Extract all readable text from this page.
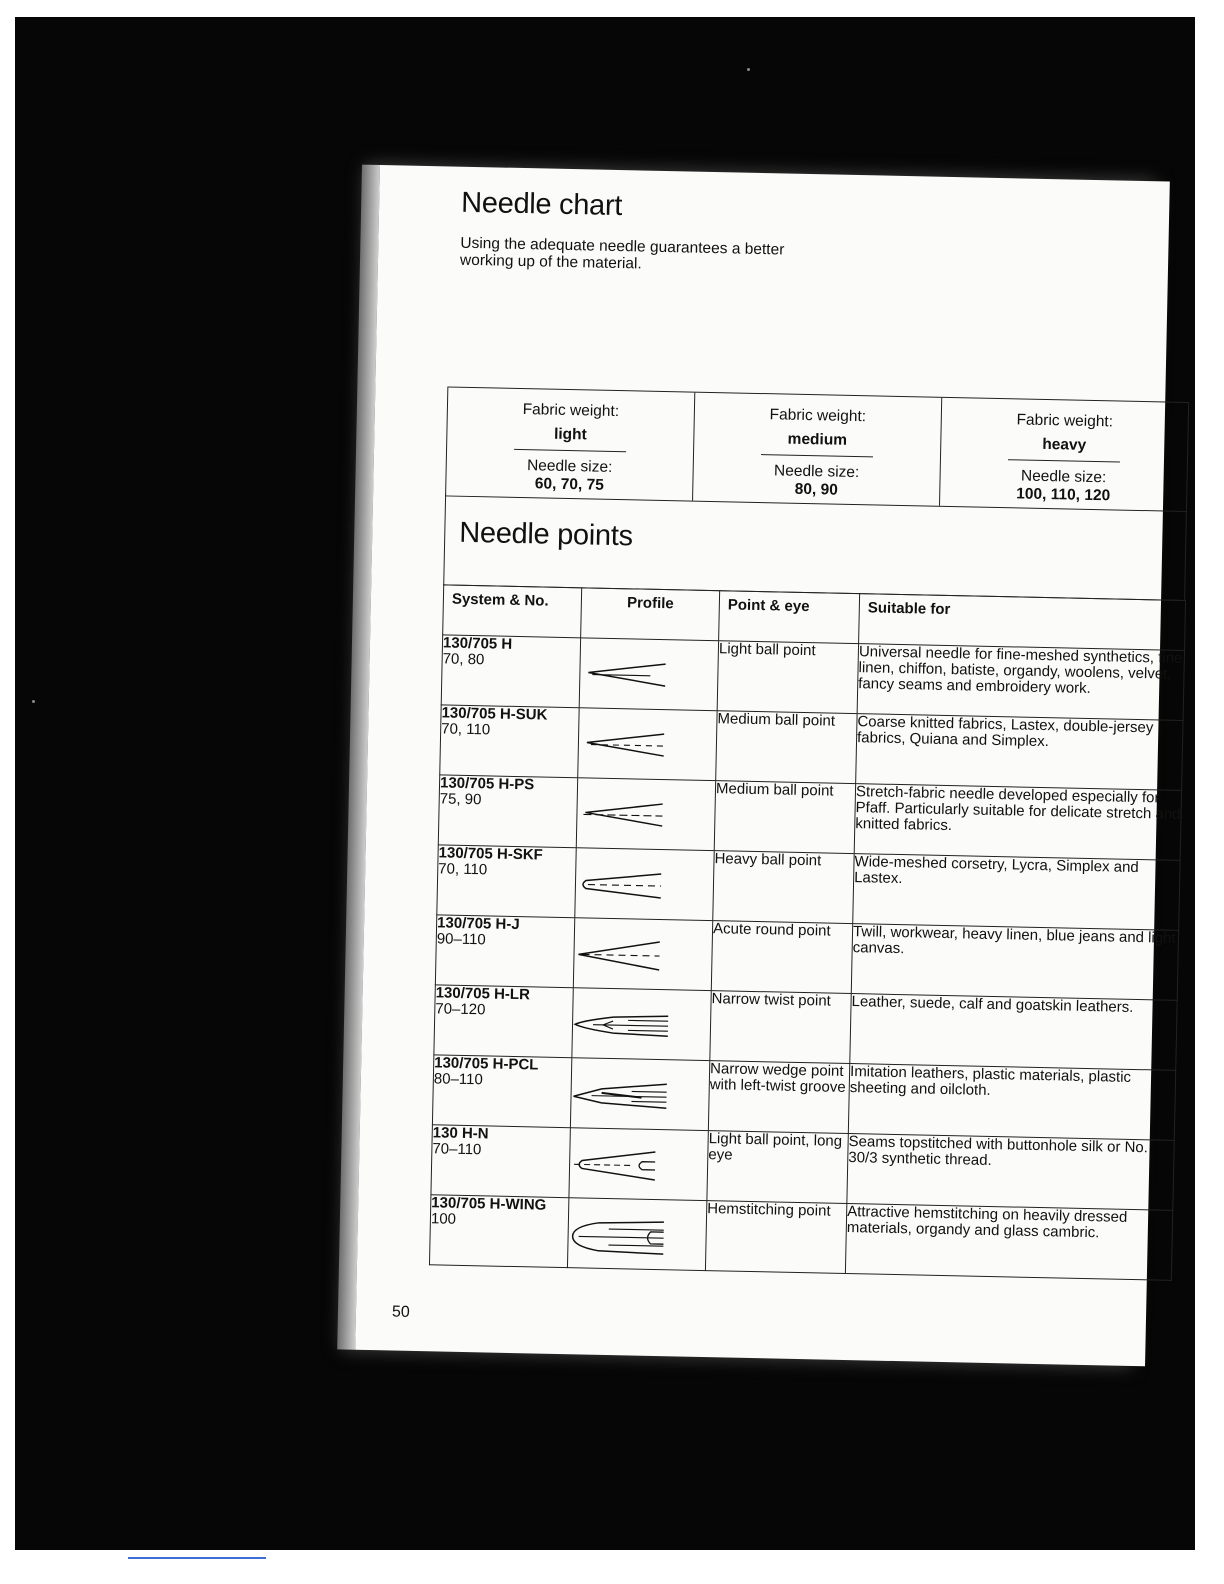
Needle chart
Using the adequate needle guarantees a better working up of the material.
Fabric weight:
light
Needle size:
60, 70, 75
Fabric weight:
medium
Needle size:
80, 90
Fabric weight:
heavy
Needle size:
100, 110, 120
Needle points
System & No.	Profile	Point & eye	Suitable for

130/705 H
70, 80		Light ball point	Universal needle for fine-meshed synthetics, fine linen, chiffon, batiste, organdy, woolens, velvet, fancy seams and embroidery work.

130/705 H-SUK
70, 110		Medium ball point	Coarse knitted fabrics, Lastex, double-jersey fabrics, Quiana and Simplex.

130/705 H-PS
75, 90		Medium ball point	Stretch-fabric needle developed especially for Pfaff. Particularly suitable for delicate stretch and knitted fabrics.

130/705 H-SKF
70, 110		Heavy ball point	Wide-meshed corsetry, Lycra, Simplex and Lastex.

130/705 H-J
90–110		Acute round point	Twill, workwear, heavy linen, blue jeans and light canvas.

130/705 H-LR
70–120		Narrow twist point	Leather, suede, calf and goatskin leathers.

130/705 H-PCL
80–110		Narrow wedge point with left-twist groove	Imitation leathers, plastic materials, plastic sheeting and oilcloth.

130 H-N
70–110		Light ball point, long eye	Seams topstitched with buttonhole silk or No. 30/3 synthetic thread.

130/705 H-WING
100		Hemstitching point	Attractive hemstitching on heavily dressed materials, organdy and glass cambric.
50
